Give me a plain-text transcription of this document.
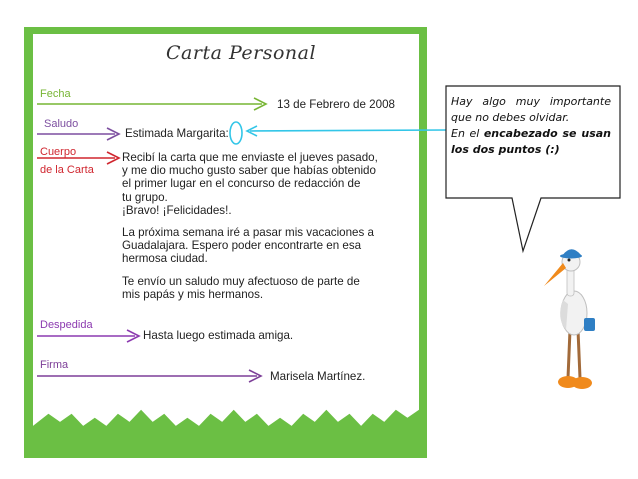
Carta Personal
Fecha
Saludo
Cuerpo
de la Carta
Despedida
Firma
13 de Febrero de 2008
Estimada Margarita:
Recibí la carta que me enviaste el jueves pasado,
y me dio mucho gusto saber que habías obtenido
el primer lugar en el concurso de redacción de
tu grupo.
¡Bravo! ¡Felicidades!.
La próxima semana iré a pasar mis vacaciones a
Guadalajara. Espero poder encontrarte en esa
hermosa ciudad.
Te envío un saludo muy afectuoso de parte de
mis papás y mis hermanos.
Hasta luego estimada amiga.
Marisela Martínez.

Hay algo muy importante que no debes olvidar.

En el encabezado se usan los dos puntos (:)
